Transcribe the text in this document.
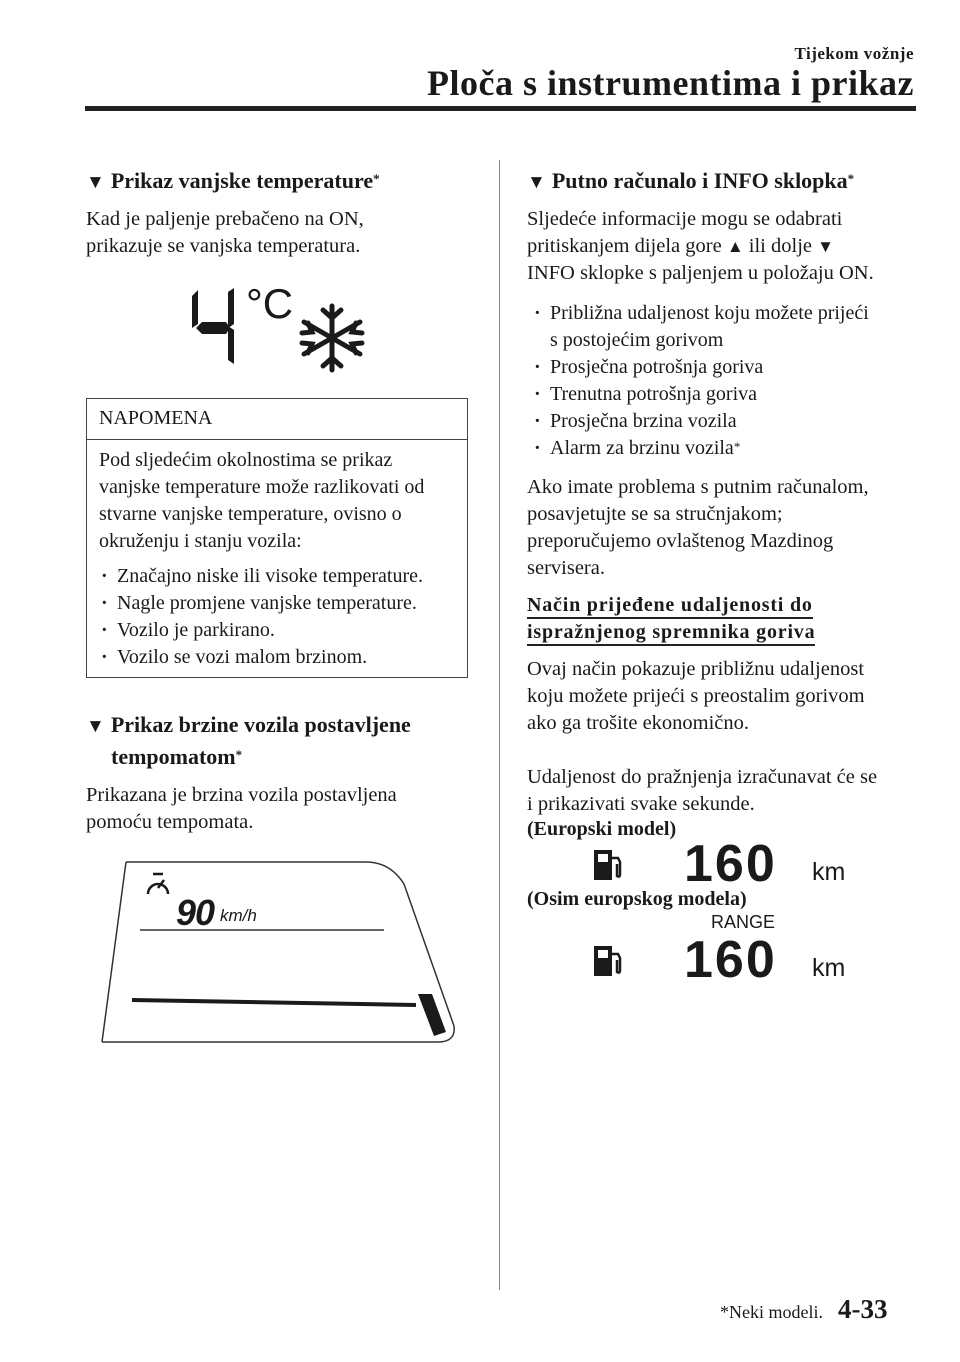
Tijekom vožnje
Ploča s instrumentima i prikaz
▼ Prikaz vanjske temperature*
Kad je paljenje prebačeno na ON,
prikazuje se vanjska temperatura.
°C
NAPOMENA
Pod sljedećim okolnostima se prikaz
vanjske temperature može razlikovati od
stvarne vanjske temperature, ovisno o
okruženju i stanju vozila:
· Značajno niske ili visoke temperature.
· Nagle promjene vanjske temperature.
· Vozilo je parkirano.
· Vozilo se vozi malom brzinom.
▼ Prikaz brzine vozila postavljene
tempomatom*
Prikazana je brzina vozila postavljena
pomoću tempomata.
90 km/h
▼ Putno računalo i INFO sklopka*
Sljedeće informacije mogu se odabrati
pritiskanjem dijela gore ▲ ili dolje ▼
INFO sklopke s paljenjem u položaju ON.
· Približna udaljenost koju možete prijeći
s postojećim gorivom
· Prosječna potrošnja goriva
· Trenutna potrošnja goriva
· Prosječna brzina vozila
· Alarm za brzinu vozila*
Ako imate problema s putnim računalom,
posavjetujte se sa stručnjakom;
preporučujemo ovlaštenog Mazdinog
servisera.
Način prijeđene udaljenosti do
ispražnjenog spremnika goriva
Ovaj način pokazuje približnu udaljenost
koju možete prijeći s preostalim gorivom
ako ga trošite ekonomično.
Udaljenost do pražnjenja izračunavat će se
i prikazivati svake sekunde.
(Europski model)
160 km
(Osim europskog modela)
RANGE
160 km
*Neki modeli. 4-33
